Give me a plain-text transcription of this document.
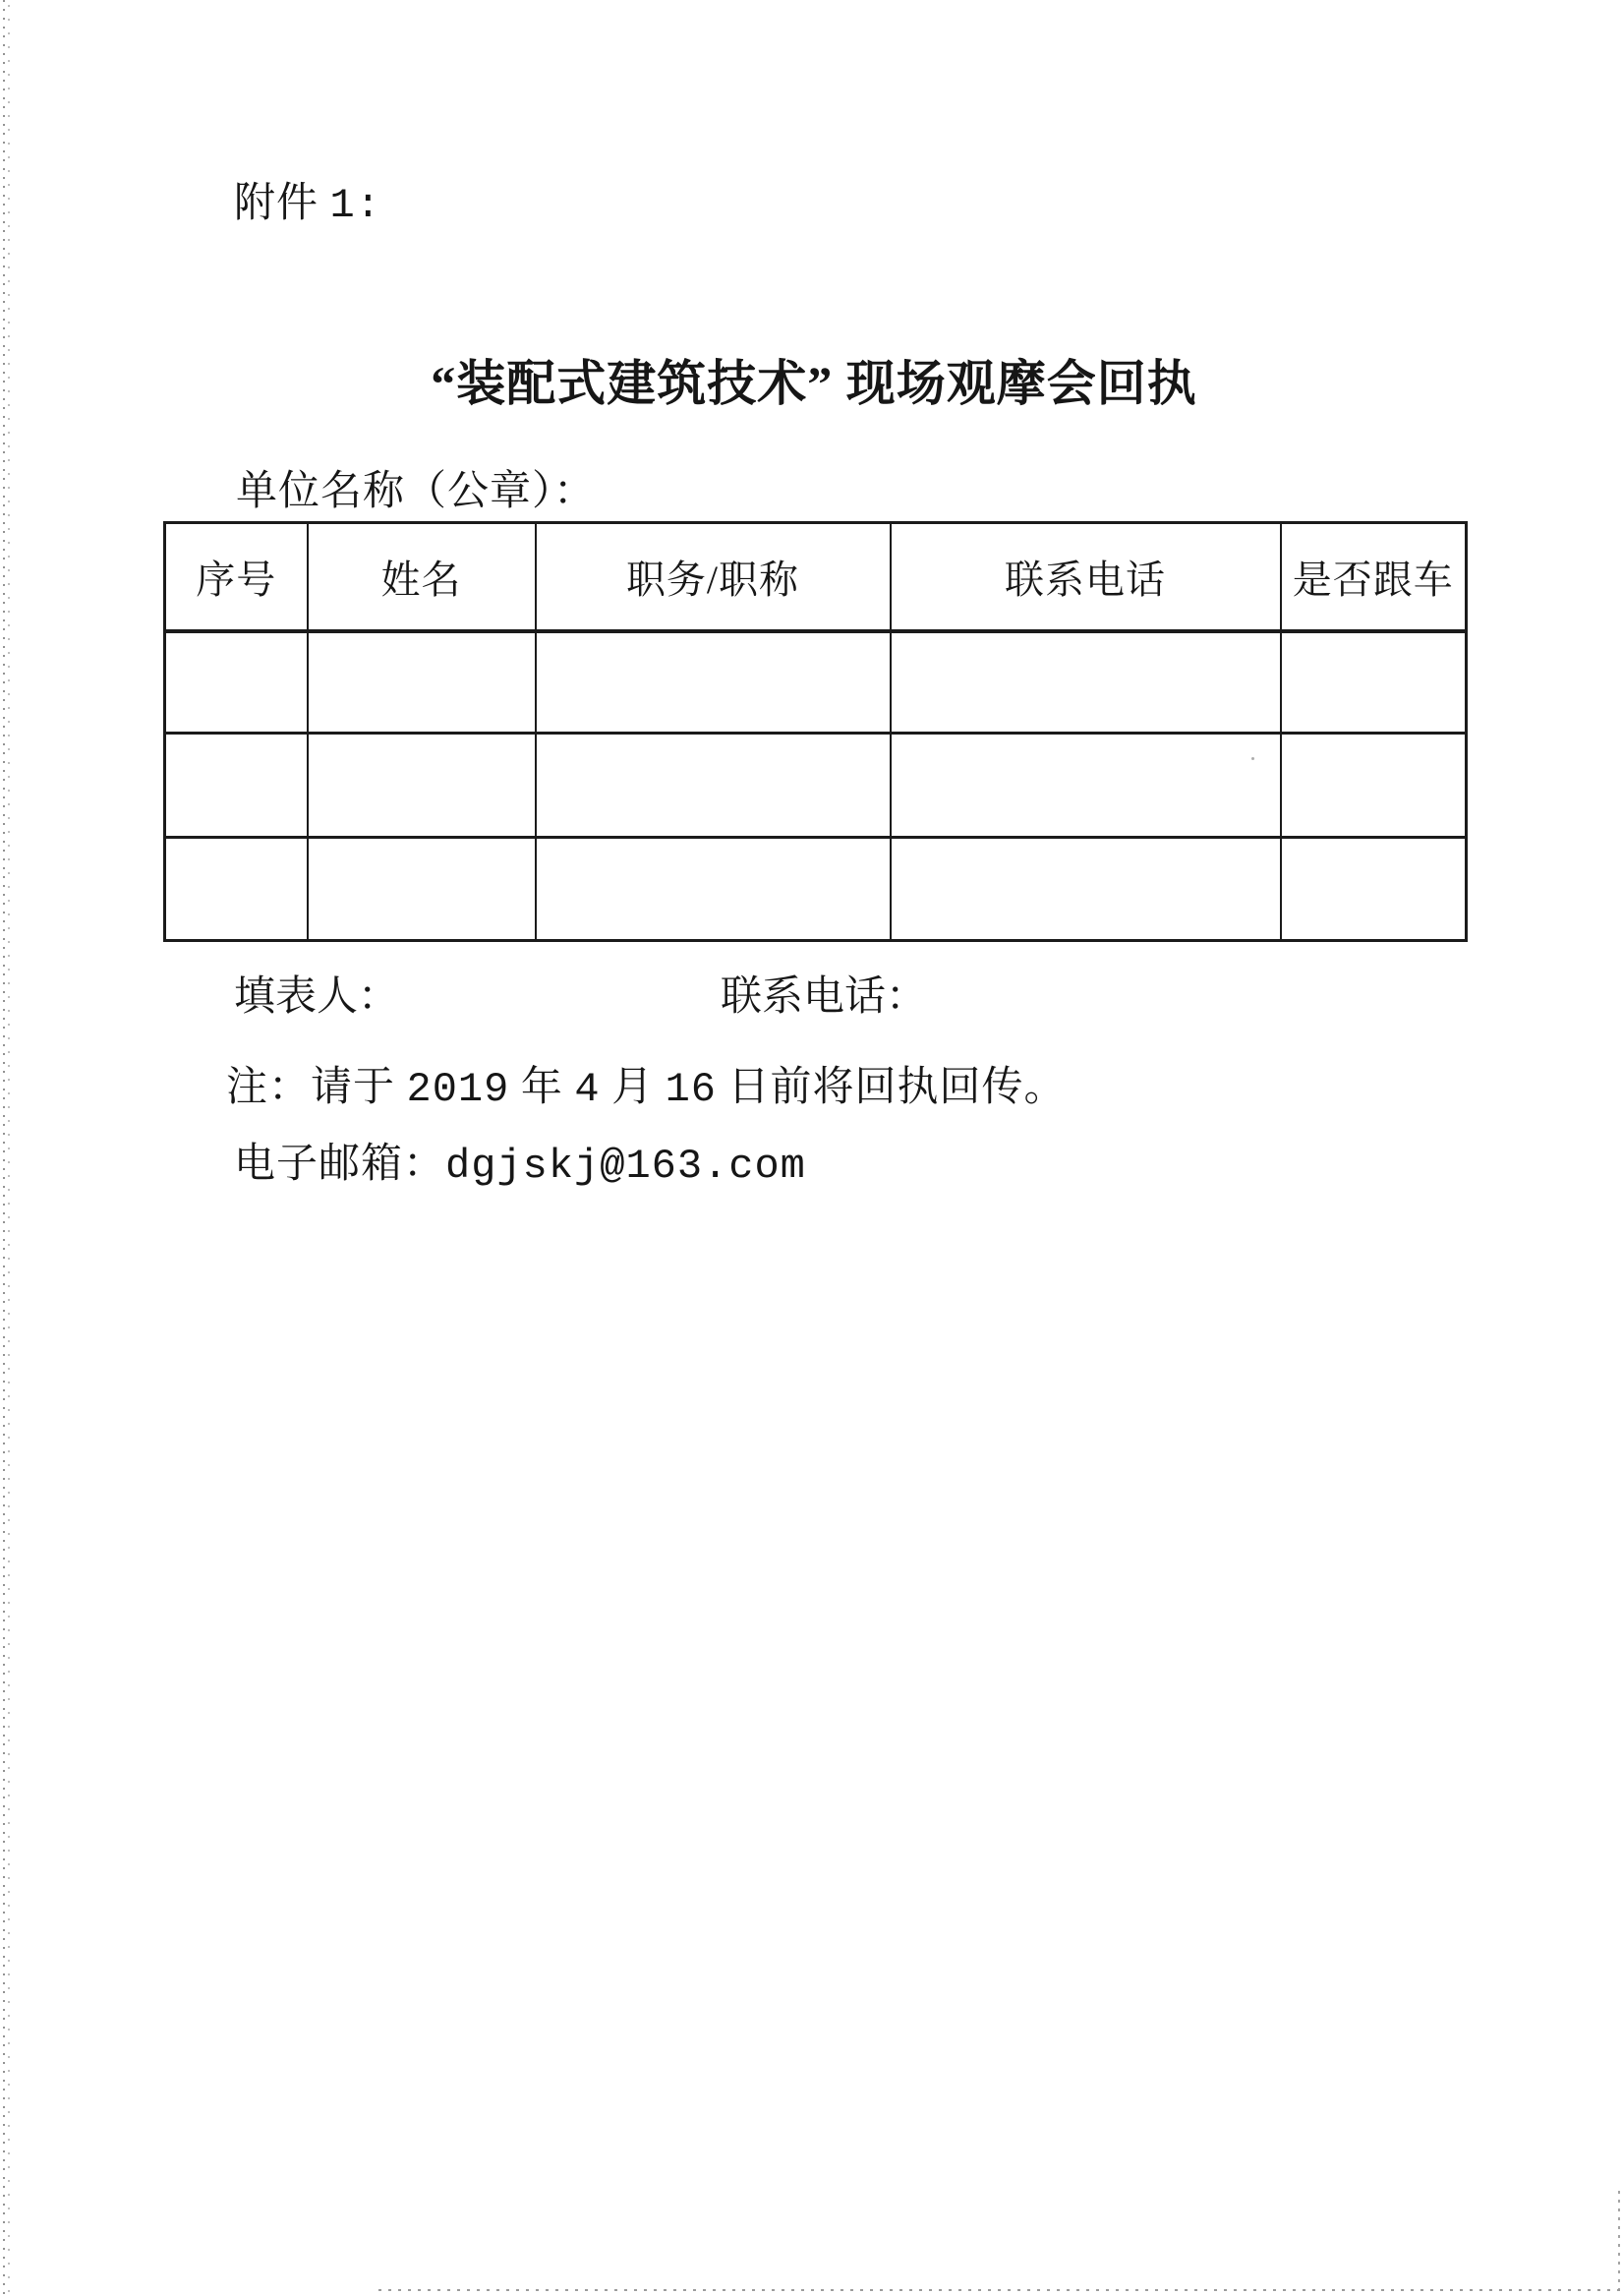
附件 1:
“装配式建筑技术” 现场观摩会回执
单位名称（公章）：
序号	姓名	职务/职称	联系电话	是否跟车

填表人：	联系电话：
注：请于 2019 年 4 月 16 日前将回执回传。
电子邮箱：dgjskj@163.com
